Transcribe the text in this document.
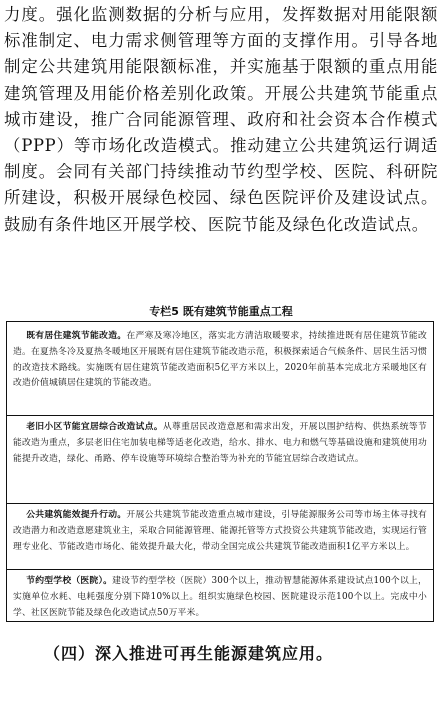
力度。强化监测数据的分析与应用，发挥数据对用能限额标准制定、电力需求侧管理等方面的支撑作用。引导各地制定公共建筑用能限额标准，并实施基于限额的重点用能建筑管理及用能价格差别化政策。开展公共建筑节能重点城市建设，推广合同能源管理、政府和社会资本合作模式（PPP）等市场化改造模式。推动建立公共建筑运行调适制度。会同有关部门持续推动节约型学校、医院、科研院所建设，积极开展绿色校园、绿色医院评价及建设试点。鼓励有条件地区开展学校、医院节能及绿色化改造试点。

专栏5 既有建筑节能重点工程
既有居住建筑节能改造。在严寒及寒冷地区，落实北方清洁取暖要求，持续推进既有居住建筑节能改造。在夏热冬冷及夏热冬暖地区开展既有居住建筑节能改造示范，积极探索适合气候条件、居民生活习惯的改造技术路线。实施既有居住建筑节能改造面积5亿平方米以上，2020年前基本完成北方采暖地区有改造价值城镇居住建筑的节能改造。
老旧小区节能宜居综合改造试点。从尊重居民改造意愿和需求出发，开展以围护结构、供热系统等节能改造为重点，多层老旧住宅加装电梯等适老化改造，给水、排水、电力和燃气等基础设施和建筑使用功能提升改造，绿化、甬路、停车设施等环境综合整治等为补充的节能宜居综合改造试点。
公共建筑能效提升行动。开展公共建筑节能改造重点城市建设，引导能源服务公司等市场主体寻找有改造潜力和改造意愿建筑业主，采取合同能源管理、能源托管等方式投资公共建筑节能改造，实现运行管理专业化、节能改造市场化、能效提升最大化，带动全国完成公共建筑节能改造面积1亿平方米以上。
节约型学校（医院）。建设节约型学校（医院）300个以上，推动智慧能源体系建设试点100个以上，实施单位水耗、电耗强度分别下降10%以上。组织实施绿色校园、医院建设示范100个以上。完成中小学、社区医院节能及绿色化改造试点50万平米。
（四）深入推进可再生能源建筑应用。
